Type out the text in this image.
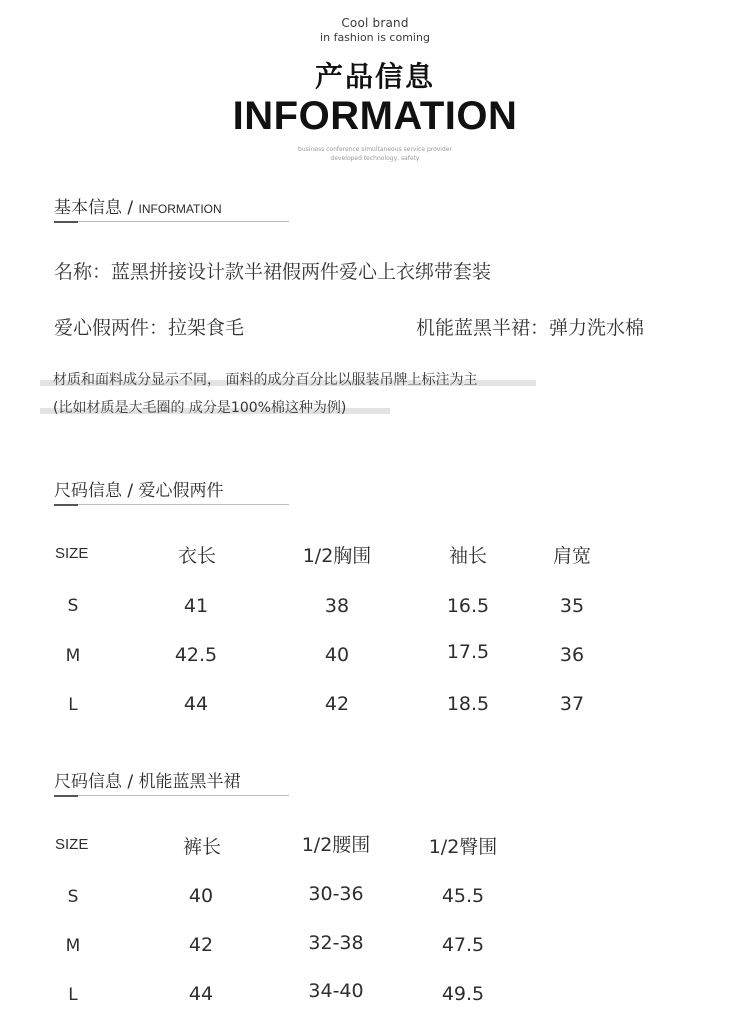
Cool brand
in fashion is coming
产品信息
INFORMATION
business conference simultaneous service provider
developed technology, safety
基本信息 / INFORMATION
名称：蓝黑拼接设计款半裙假两件爱心上衣绑带套装
爱心假两件：拉架食毛	机能蓝黑半裙：弹力洗水棉
材质和面料成分显示不同， 面料的成分百分比以服装吊牌上标注为主
(比如材质是大毛圈的 成分是100%棉这种为例)
尺码信息 / 爱心假两件
SIZE	衣长	1/2胸围	袖长	肩宽
S	41	38	16.5	35
M	42.5	40	17.5	36
L	44	42	18.5	37
尺码信息 / 机能蓝黑半裙
SIZE	裤长	1/2腰围	1/2臀围
S	40	30-36	45.5
M	42	32-38	47.5
L	44	34-40	49.5
